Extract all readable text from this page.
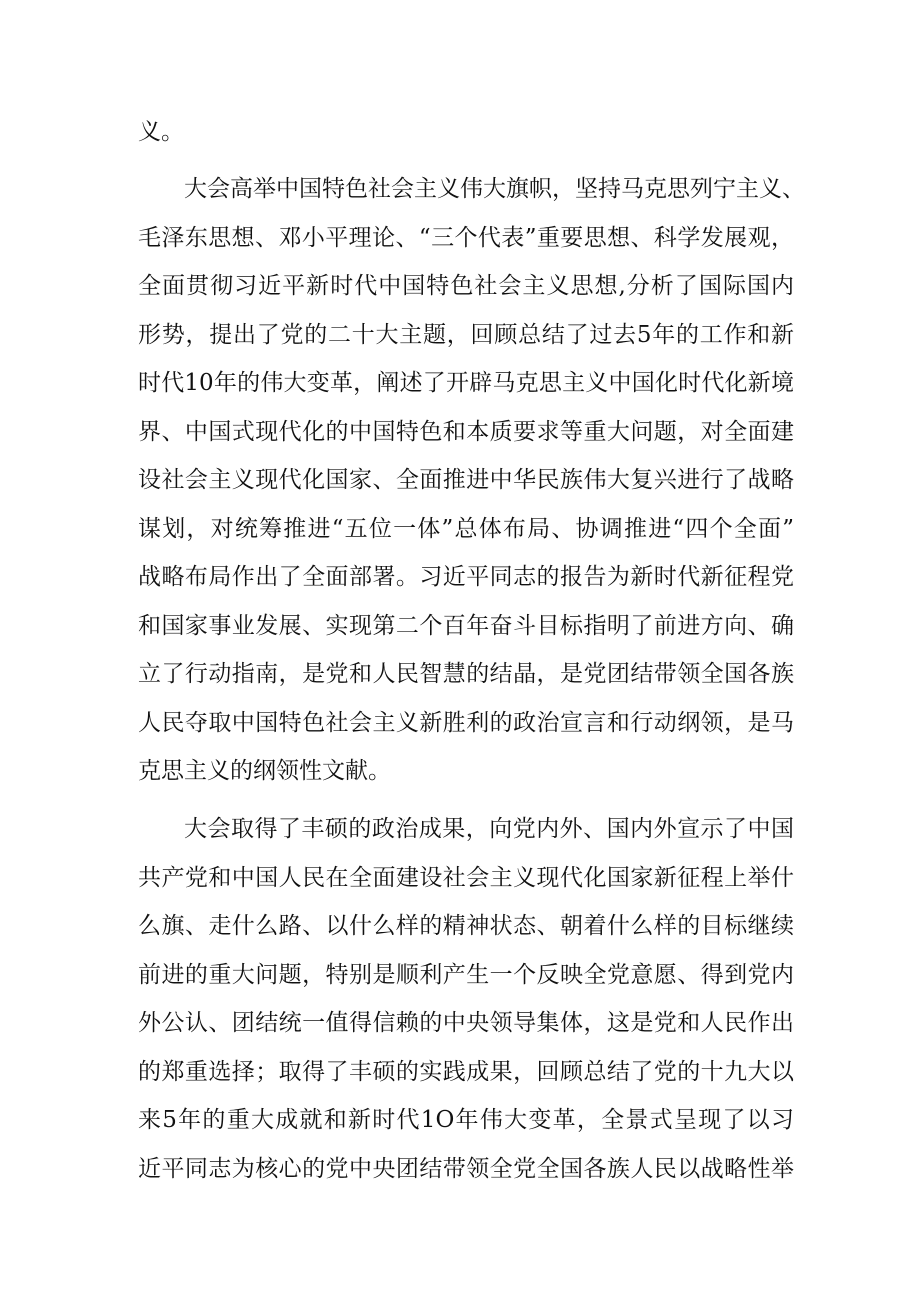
义。
大会高举中国特色社会主义伟大旗帜，坚持马克思列宁主义、
毛泽东思想、邓小平理论、“三个代表”重要思想、科学发展观，
全面贯彻习近平新时代中国特色社会主义思想,分析了国际国内
形势，提出了党的二十大主题，回顾总结了过去5年的工作和新
时代10年的伟大变革，阐述了开辟马克思主义中国化时代化新境
界、中国式现代化的中国特色和本质要求等重大问题，对全面建
设社会主义现代化国家、全面推进中华民族伟大复兴进行了战略
谋划，对统筹推进“五位一体”总体布局、协调推进“四个全面”
战略布局作出了全面部署。习近平同志的报告为新时代新征程党
和国家事业发展、实现第二个百年奋斗目标指明了前进方向、确
立了行动指南，是党和人民智慧的结晶，是党团结带领全国各族
人民夺取中国特色社会主义新胜利的政治宣言和行动纲领，是马
克思主义的纲领性文献。
大会取得了丰硕的政治成果，向党内外、国内外宣示了中国
共产党和中国人民在全面建设社会主义现代化国家新征程上举什
么旗、走什么路、以什么样的精神状态、朝着什么样的目标继续
前进的重大问题，特别是顺利产生一个反映全党意愿、得到党内
外公认、团结统一值得信赖的中央领导集体，这是党和人民作出
的郑重选择；取得了丰硕的实践成果，回顾总结了党的十九大以
来5年的重大成就和新时代1O年伟大变革，全景式呈现了以习
近平同志为核心的党中央团结带领全党全国各族人民以战略性举
